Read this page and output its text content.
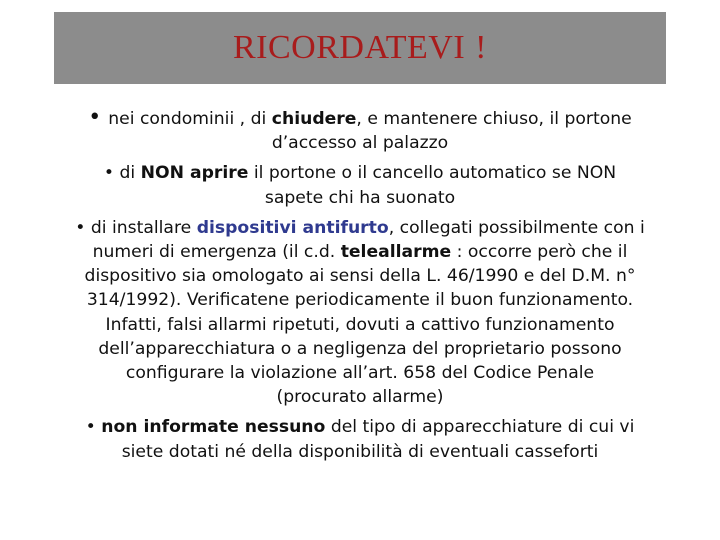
RICORDATEVI !
• nei condominii , di chiudere, e mantenere chiuso, il portone
d’accesso al palazzo
• di NON aprire il portone o il cancello automatico se NON
sapete chi ha suonato
• di installare dispositivi antifurto, collegati possibilmente con i
numeri di emergenza (il c.d. teleallarme : occorre però che il
dispositivo sia omologato ai sensi della L. 46/1990 e del D.M. n°
314/1992). Verificatene periodicamente il buon funzionamento.
Infatti, falsi allarmi ripetuti, dovuti a cattivo funzionamento
dell’apparecchiatura o a negligenza del proprietario possono
configurare la violazione all’art. 658 del Codice Penale
(procurato allarme)
• non informate nessuno del tipo di apparecchiature di cui vi
siete dotati né della disponibilità di eventuali casseforti
